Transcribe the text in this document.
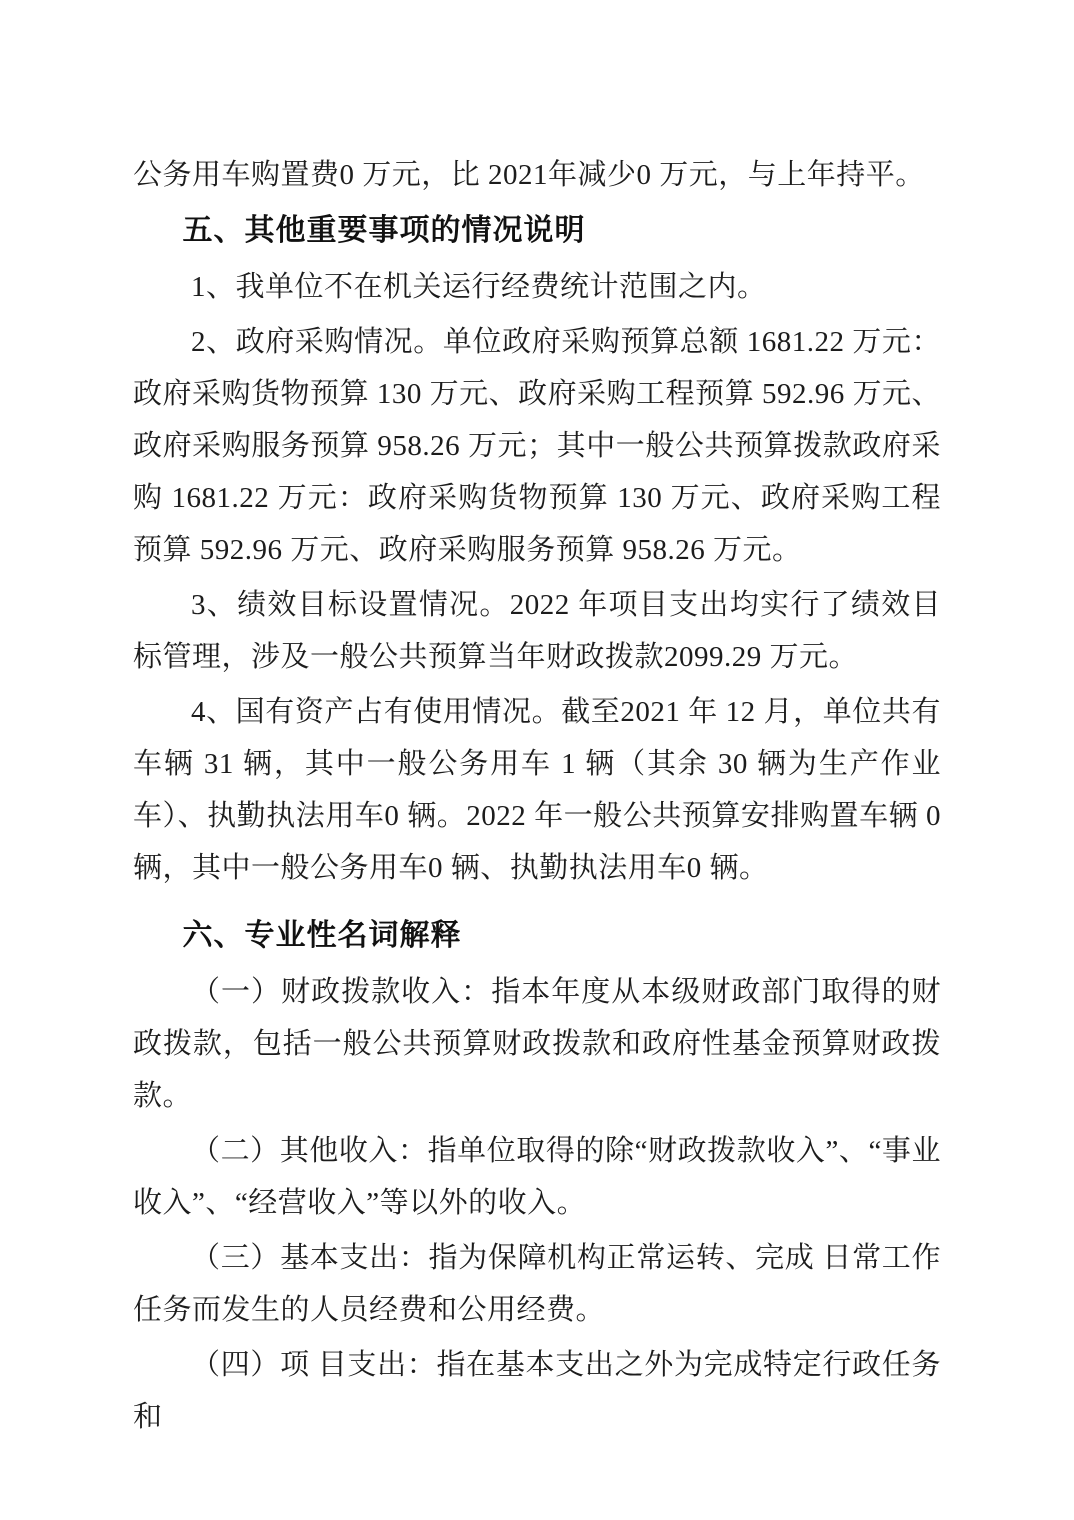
公务用车购置费0 万元，比 2021年减少0 万元，与上年持平。

五、其他重要事项的情况说明

1、我单位不在机关运行经费统计范围之内。

2、政府采购情况。单位政府采购预算总额 1681.22 万元：政府采购货物预算 130 万元、政府采购工程预算 592.96 万元、政府采购服务预算 958.26 万元；其中一般公共预算拨款政府采购 1681.22 万元：政府采购货物预算 130 万元、政府采购工程预算 592.96 万元、政府采购服务预算 958.26 万元。

3、绩效目标设置情况。2022 年项目支出均实行了绩效目标管理，涉及一般公共预算当年财政拨款2099.29 万元。

4、国有资产占有使用情况。截至2021 年 12 月，单位共有车辆 31 辆，其中一般公务用车 1 辆（其余 30 辆为生产作业车）、执勤执法用车0 辆。2022 年一般公共预算安排购置车辆 0 辆，其中一般公务用车0 辆、执勤执法用车0 辆。

六、专业性名词解释

（一）财政拨款收入：指本年度从本级财政部门取得的财政拨款，包括一般公共预算财政拨款和政府性基金预算财政拨款。

（二）其他收入：指单位取得的除“财政拨款收入”、“事业收入”、“经营收入”等以外的收入。

（三）基本支出：指为保障机构正常运转、完成 日常工作任务而发生的人员经费和公用经费。

（四）项 目支出：指在基本支出之外为完成特定行政任务和
